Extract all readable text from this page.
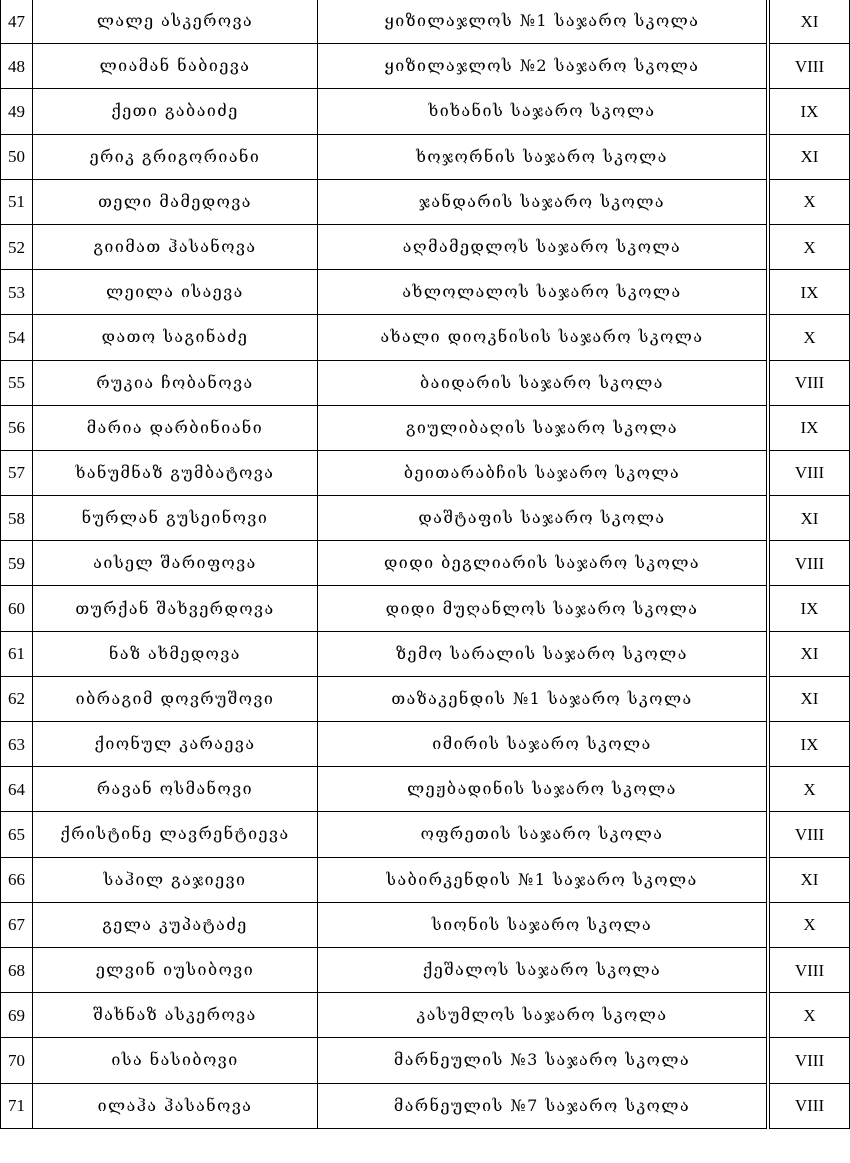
47	ლალე ასკეროვა	ყიზილაჯლოს №1 საჯარო სკოლა		XI
48	ლიამან ნაბიევა	ყიზილაჯლოს №2 საჯარო სკოლა		VIII
49	ქეთი გაბაიძე	ხიხანის საჯარო სკოლა		IX
50	ერიკ გრიგორიანი	ხოჯორნის საჯარო სკოლა		XI
51	თელი მამედოვა	ჯანდარის საჯარო სკოლა		X
52	გიიმათ ჰასანოვა	აღმამედლოს საჯარო სკოლა		X
53	ლეილა ისაევა	ახლოლალოს საჯარო სკოლა		IX
54	დათო საგინაძე	ახალი დიოკნისის საჯარო სკოლა		X
55	რუკია ჩობანოვა	ბაიდარის საჯარო სკოლა		VIII
56	მარია დარბინიანი	გიულიბაღის საჯარო სკოლა		IX
57	ხანუმნაზ გუმბატოვა	ბეითარაბჩის საჯარო სკოლა		VIII
58	ნურლან გუსეინოვი	დაშტაფის საჯარო სკოლა		XI
59	აისელ შარიფოვა	დიდი ბეგლიარის საჯარო სკოლა		VIII
60	თურქან შახვერდოვა	დიდი მუღანლოს საჯარო სკოლა		IX
61	ნაზ ახმედოვა	ზემო სარალის საჯარო სკოლა		XI
62	იბრაგიმ დოვრუშოვი	თაზაკენდის №1 საჯარო სკოლა		XI
63	ქიონულ კარაევა	იმირის საჯარო სკოლა		IX
64	რავან ოსმანოვი	ლეჟბადინის საჯარო სკოლა		X
65	ქრისტინე ლავრენტიევა	ოფრეთის საჯარო სკოლა		VIII
66	საჰილ გაჯიევი	საბირკენდის №1 საჯარო სკოლა		XI
67	გელა კუპატაძე	სიონის საჯარო სკოლა		X
68	ელვინ იუსიბოვი	ქეშალოს საჯარო სკოლა		VIII
69	შახნაზ ასკეროვა	კასუმლოს საჯარო სკოლა		X
70	ისა ნასიბოვი	მარნეულის №3 საჯარო სკოლა		VIII
71	ილაჰა ჰასანოვა	მარნეულის №7 საჯარო სკოლა		VIII
